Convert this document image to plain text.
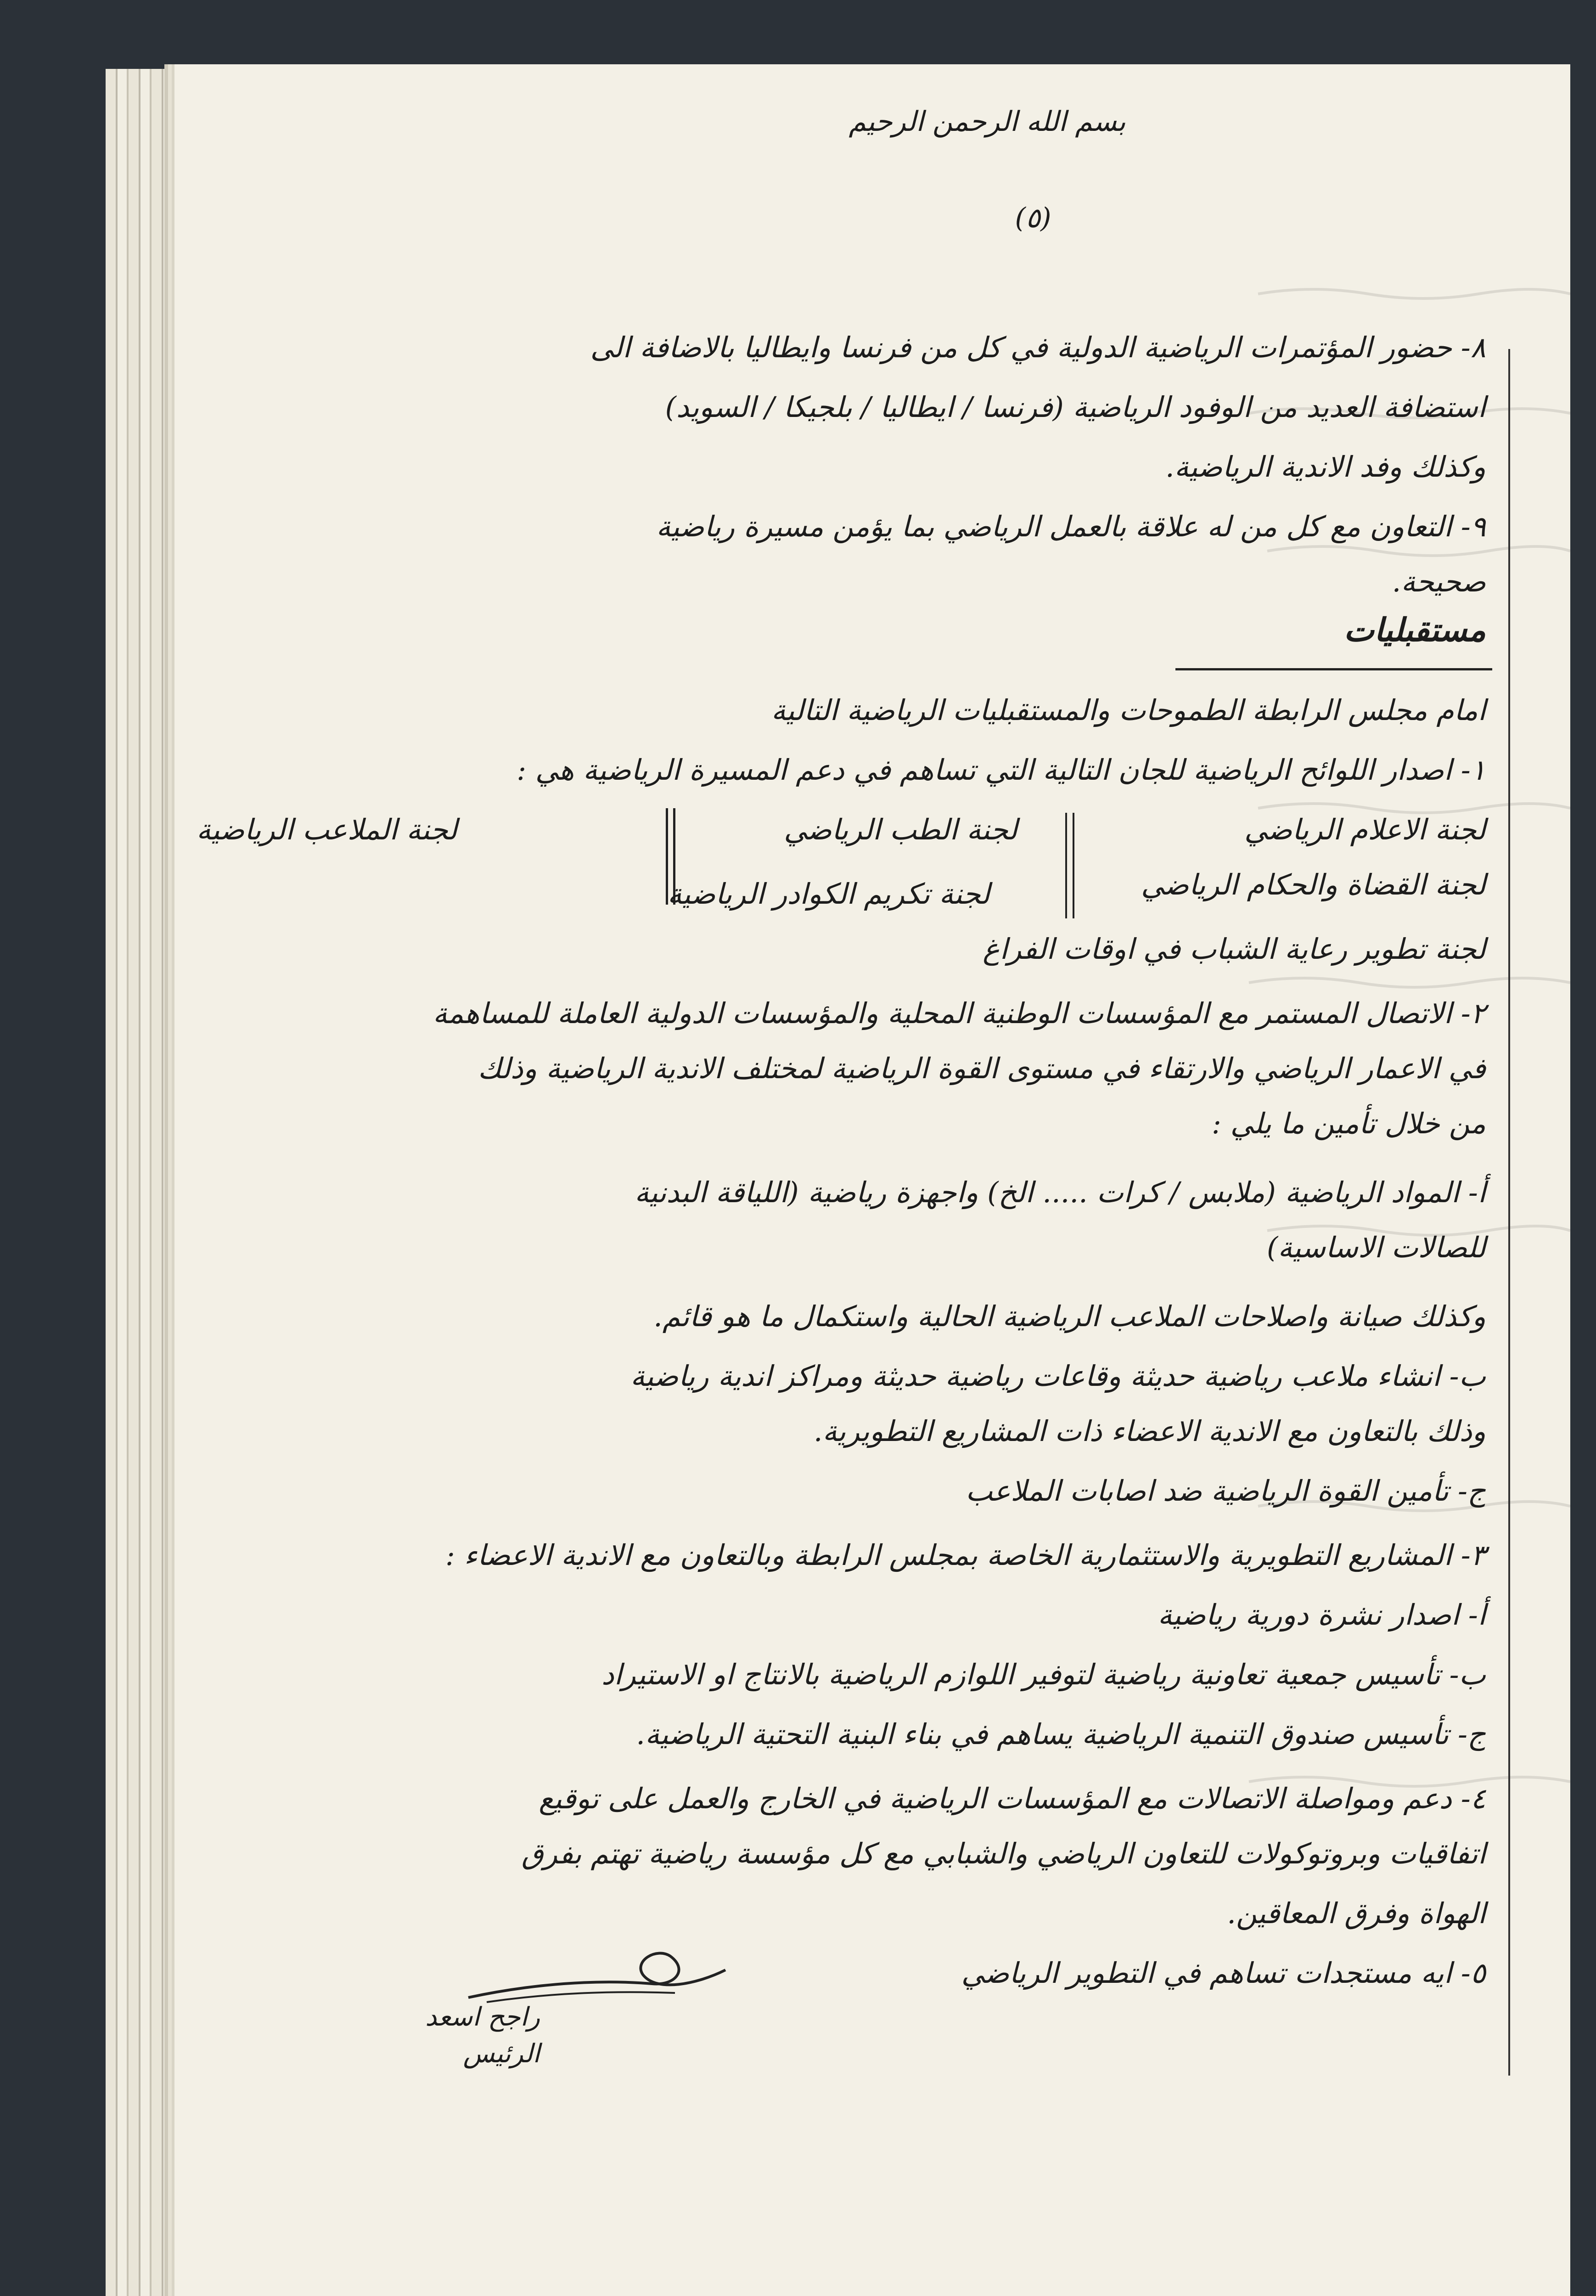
بسم الله الرحمن الرحيم
(٥)
٨- حضور المؤتمرات الرياضية الدولية في كل من فرنسا وايطاليا بالاضافة الى
استضافة العديد من الوفود الرياضية (فرنسا / ايطاليا / بلجيكا / السويد)
وكذلك وفد الاندية الرياضية.
٩- التعاون مع كل من له علاقة بالعمل الرياضي بما يؤمن مسيرة رياضية
صحيحة.
مستقبليات
امام مجلس الرابطة الطموحات والمستقبليات الرياضية التالية
١- اصدار اللوائح الرياضية للجان التالية التي تساهم في دعم المسيرة الرياضية هي :
لجنة الاعلام الرياضي
لجنة الطب الرياضي
لجنة الملاعب الرياضية
لجنة القضاة والحكام الرياضي
لجنة تكريم الكوادر الرياضية
لجنة تطوير رعاية الشباب في اوقات الفراغ
٢- الاتصال المستمر مع المؤسسات الوطنية المحلية والمؤسسات الدولية العاملة للمساهمة
في الاعمار الرياضي والارتقاء في مستوى القوة الرياضية لمختلف الاندية الرياضية وذلك
من خلال تأمين ما يلي :
أ- المواد الرياضية (ملابس / كرات ..... الخ) واجهزة رياضية (اللياقة البدنية
للصالات الاساسية)
وكذلك صيانة واصلاحات الملاعب الرياضية الحالية واستكمال ما هو قائم.
ب- انشاء ملاعب رياضية حديثة وقاعات رياضية حديثة ومراكز اندية رياضية
وذلك بالتعاون مع الاندية الاعضاء ذات المشاريع التطويرية.
ج- تأمين القوة الرياضية ضد اصابات الملاعب
٣- المشاريع التطويرية والاستثمارية الخاصة بمجلس الرابطة وبالتعاون مع الاندية الاعضاء :
أ- اصدار نشرة دورية رياضية
ب- تأسيس جمعية تعاونية رياضية لتوفير اللوازم الرياضية بالانتاج او الاستيراد
ج- تأسيس صندوق التنمية الرياضية يساهم في بناء البنية التحتية الرياضية.
٤- دعم ومواصلة الاتصالات مع المؤسسات الرياضية في الخارج والعمل على توقيع
اتفاقيات وبروتوكولات للتعاون الرياضي والشبابي مع كل مؤسسة رياضية تهتم بفرق
الهواة وفرق المعاقين.
٥- ايه مستجدات تساهم في التطوير الرياضي
راجح اسعد
الرئيس
